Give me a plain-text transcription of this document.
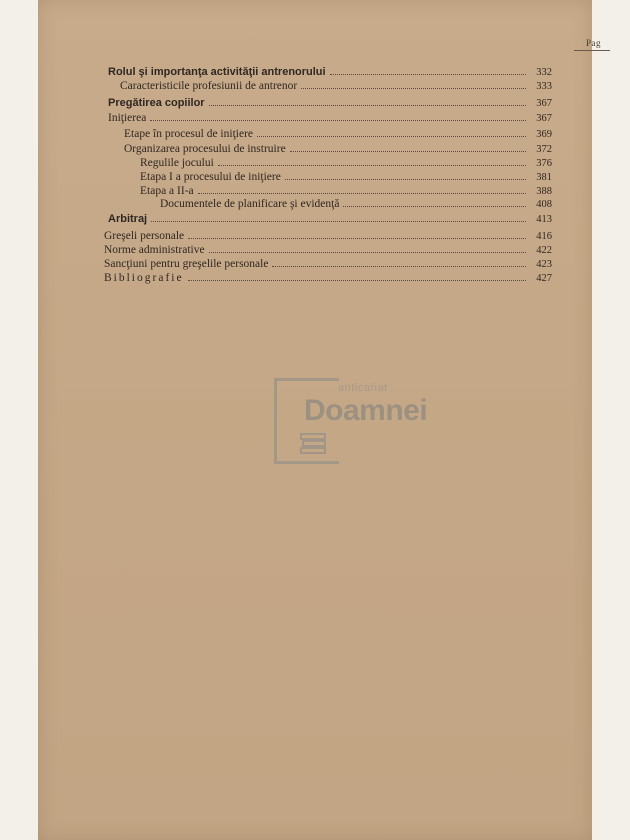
Pag
Rolul şi importanţa activităţii antrenorului	332
Caracteristicile profesiunii de antrenor	333
Pregătirea copiilor	367
Iniţierea	367
Etape în procesul de iniţiere	369
Organizarea procesului de instruire	372
Regulile jocului	376
Etapa I a procesului de iniţiere	381
Etapa a II-a	388
Documentele de planificare şi evidenţă	408
Arbitraj	413
Greşeli personale	416
Norme administrative	422
Sancţiuni pentru greşelile personale	423
Bibliografie	427
anticariat
Doamnei
